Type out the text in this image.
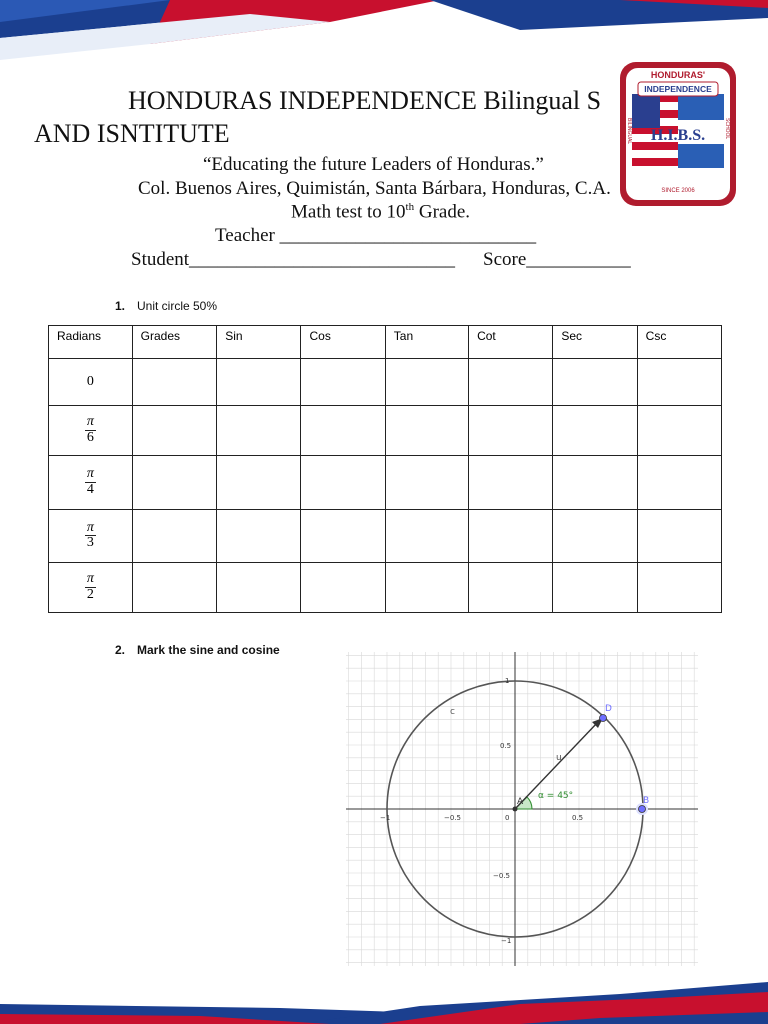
HONDURAS INDEPENDENCE Bilingual S
AND ISNTITUTE
“Educating the future Leaders of Honduras.”
Col. Buenos Aires, Quimistán, Santa Bárbara, Honduras, C.A.
Math test to 10th Grade.
Teacher ___________________________
Student____________________________ Score___________
HONDURAS'
INDEPENDENCE
H.I.B.S.
SINCE 2006
BILINGUAL	SCHOOL
1. Unit circle 50%
Radians	Grades	Sin	Cos	Tan	Cot	Sec	Csc
0							

$\frac{\pi}{6}$

$\frac{\pi}{4}$

$\frac{\pi}{3}$

$\frac{\pi}{2}$

2. Mark the sine and cosine
−1	−0.5	0	0.5
1
0.5
−0.5
−1
c
α = 45°
u
A	B
D
